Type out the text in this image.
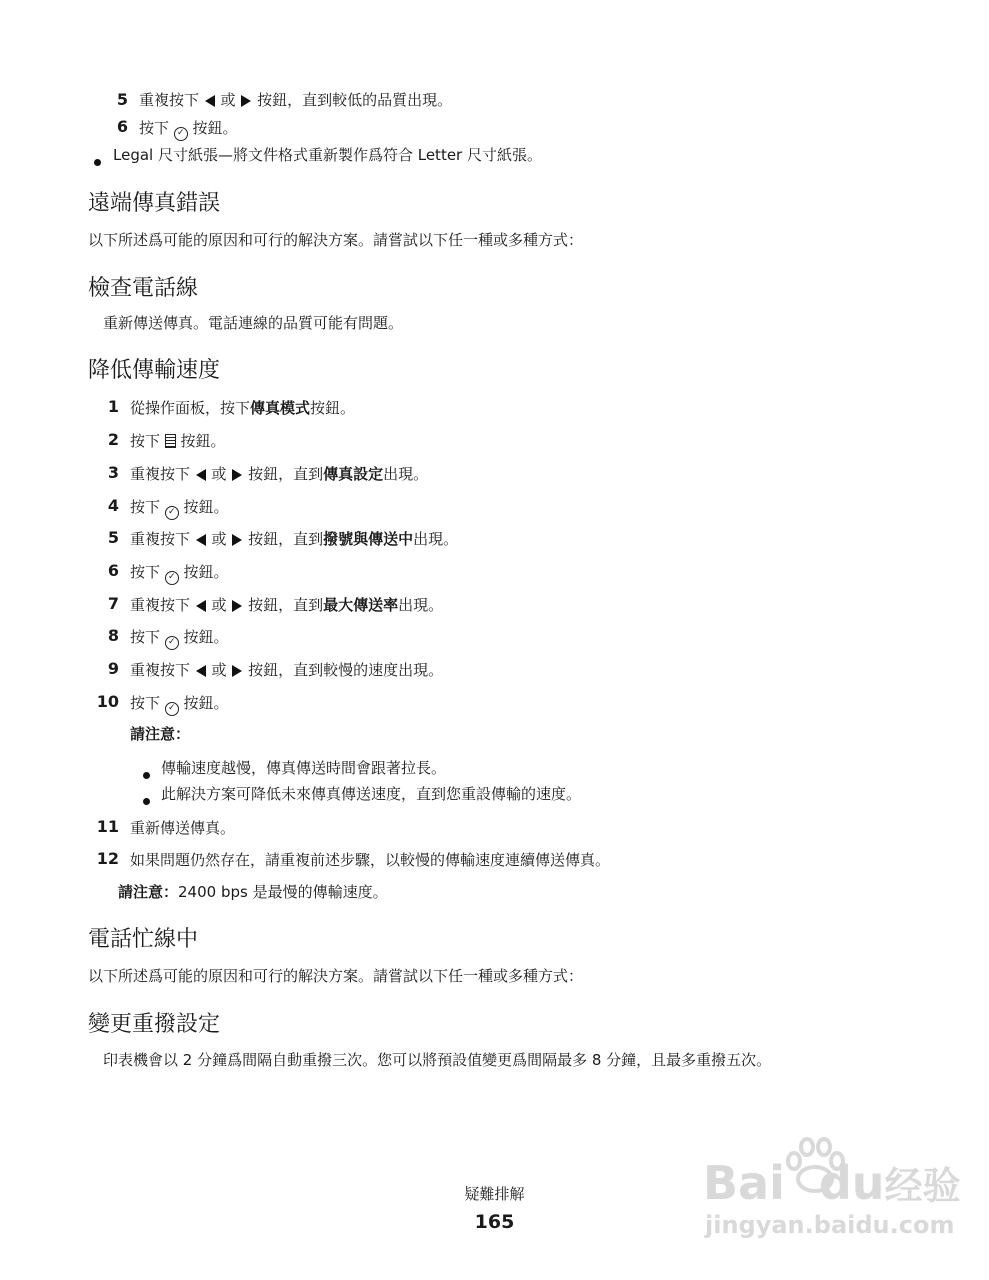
5 重複按下  或  按鈕，直到較低的品質出現。
6 按下 ✓ 按鈕。
Legal 尺寸紙張—將文件格式重新製作爲符合 Letter 尺寸紙張。
遠端傳真錯誤
以下所述爲可能的原因和可行的解決方案。請嘗試以下任一種或多種方式：
檢查電話線
重新傳送傳真。電話連線的品質可能有問題。
降低傳輸速度
1 從操作面板，按下傳真模式按鈕。
2 按下  按鈕。
3 重複按下  或  按鈕，直到傳真設定出現。
4 按下 ✓ 按鈕。
5 重複按下  或  按鈕，直到撥號與傳送中出現。
6 按下 ✓ 按鈕。
7 重複按下  或  按鈕，直到最大傳送率出現。
8 按下 ✓ 按鈕。
9 重複按下  或  按鈕，直到較慢的速度出現。
10 按下 ✓ 按鈕。
請注意：
傳輸速度越慢，傳真傳送時間會跟著拉長。
此解決方案可降低未來傳真傳送速度，直到您重設傳輸的速度。
11 重新傳送傳真。
12 如果問題仍然存在，請重複前述步驟，以較慢的傳輸速度連續傳送傳真。
請注意：2400 bps 是最慢的傳輸速度。
電話忙線中
以下所述爲可能的原因和可行的解決方案。請嘗試以下任一種或多種方式：
變更重撥設定
印表機會以 2 分鐘爲間隔自動重撥三次。您可以將預設值變更爲間隔最多 8 分鐘，且最多重撥五次。
疑難排解
165
Bai du经验
jingyan.baidu.com
